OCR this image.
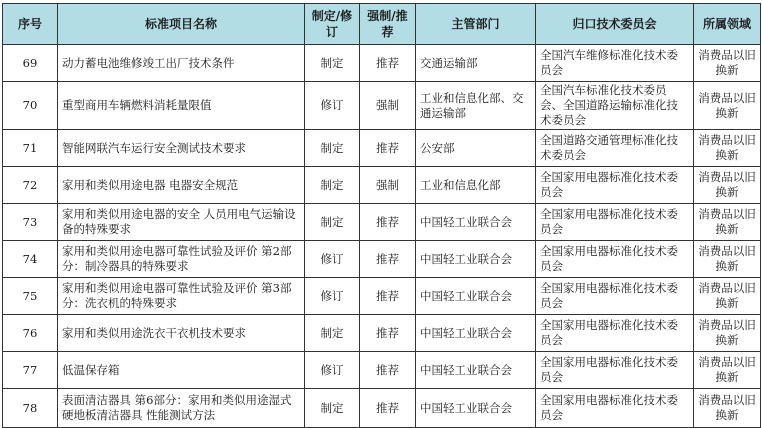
序号	标准项目名称	制定/修订	强制/推荐	主管部门	归口技术委员会	所属领域
69	动力蓄电池维修竣工出厂技术条件	制定	推荐	交通运输部	全国汽车维修标准化技术委员会	消费品以旧换新
70	重型商用车辆燃料消耗量限值	修订	强制	工业和信息化部、交通运输部	全国汽车标准化技术委员会、全国道路运输标准化技术委员会	消费品以旧换新
71	智能网联汽车运行安全测试技术要求	制定	推荐	公安部	全国道路交通管理标准化技术委员会	消费品以旧换新
72	家用和类似用途电器 电器安全规范	制定	强制	工业和信息化部	全国家用电器标准化技术委员会	消费品以旧换新
73	家用和类似用途电器的安全 人员用电气运输设备的特殊要求	制定	推荐	中国轻工业联合会	全国家用电器标准化技术委员会	消费品以旧换新
74	家用和类似用途电器可靠性试验及评价 第2部分：制冷器具的特殊要求	修订	推荐	中国轻工业联合会	全国家用电器标准化技术委员会	消费品以旧换新
75	家用和类似用途电器可靠性试验及评价 第3部分：洗衣机的特殊要求	修订	推荐	中国轻工业联合会	全国家用电器标准化技术委员会	消费品以旧换新
76	家用和类似用途洗衣干衣机技术要求	制定	推荐	中国轻工业联合会	全国家用电器标准化技术委员会	消费品以旧换新
77	低温保存箱	修订	推荐	中国轻工业联合会	全国家用电器标准化技术委员会	消费品以旧换新
78	表面清洁器具 第6部分：家用和类似用途湿式硬地板清洁器具 性能测试方法	制定	推荐	中国轻工业联合会	全国家用电器标准化技术委员会	消费品以旧换新
